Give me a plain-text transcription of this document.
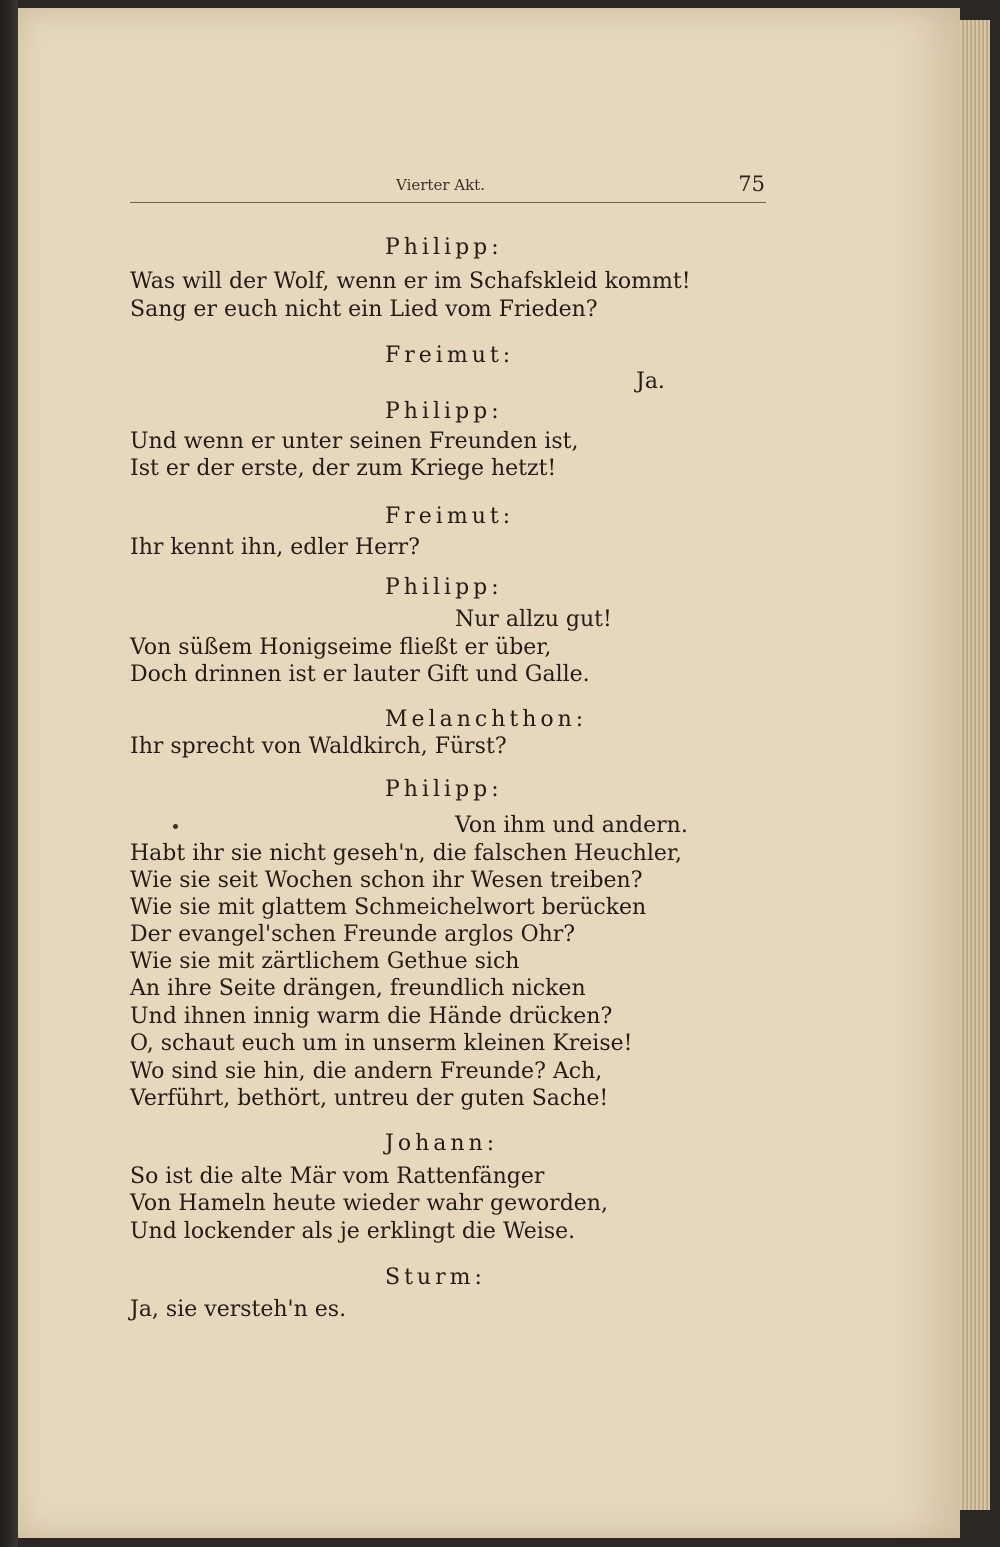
Vierter Akt.	75
Philipp:
Was will der Wolf, wenn er im Schafskleid kommt!
Sang er euch nicht ein Lied vom Frieden?
Freimut:
Ja.
Philipp:
Und wenn er unter seinen Freunden ist,
Ist er der erste, der zum Kriege hetzt!
Freimut:
Ihr kennt ihn, edler Herr?
Philipp:
Nur allzu gut!
Von süßem Honigseime fließt er über,
Doch drinnen ist er lauter Gift und Galle.
Melanchthon:
Ihr sprecht von Waldkirch, Fürst?
Philipp:
Von ihm und andern.
Habt ihr sie nicht geseh'n, die falschen Heuchler,
Wie sie seit Wochen schon ihr Wesen treiben?
Wie sie mit glattem Schmeichelwort berücken
Der evangel'schen Freunde arglos Ohr?
Wie sie mit zärtlichem Gethue sich
An ihre Seite drängen, freundlich nicken
Und ihnen innig warm die Hände drücken?
O, schaut euch um in unserm kleinen Kreise!
Wo sind sie hin, die andern Freunde? Ach,
Verführt, bethört, untreu der guten Sache!
Johann:
So ist die alte Mär vom Rattenfänger
Von Hameln heute wieder wahr geworden,
Und lockender als je erklingt die Weise.
Sturm:
Ja, sie versteh'n es.
